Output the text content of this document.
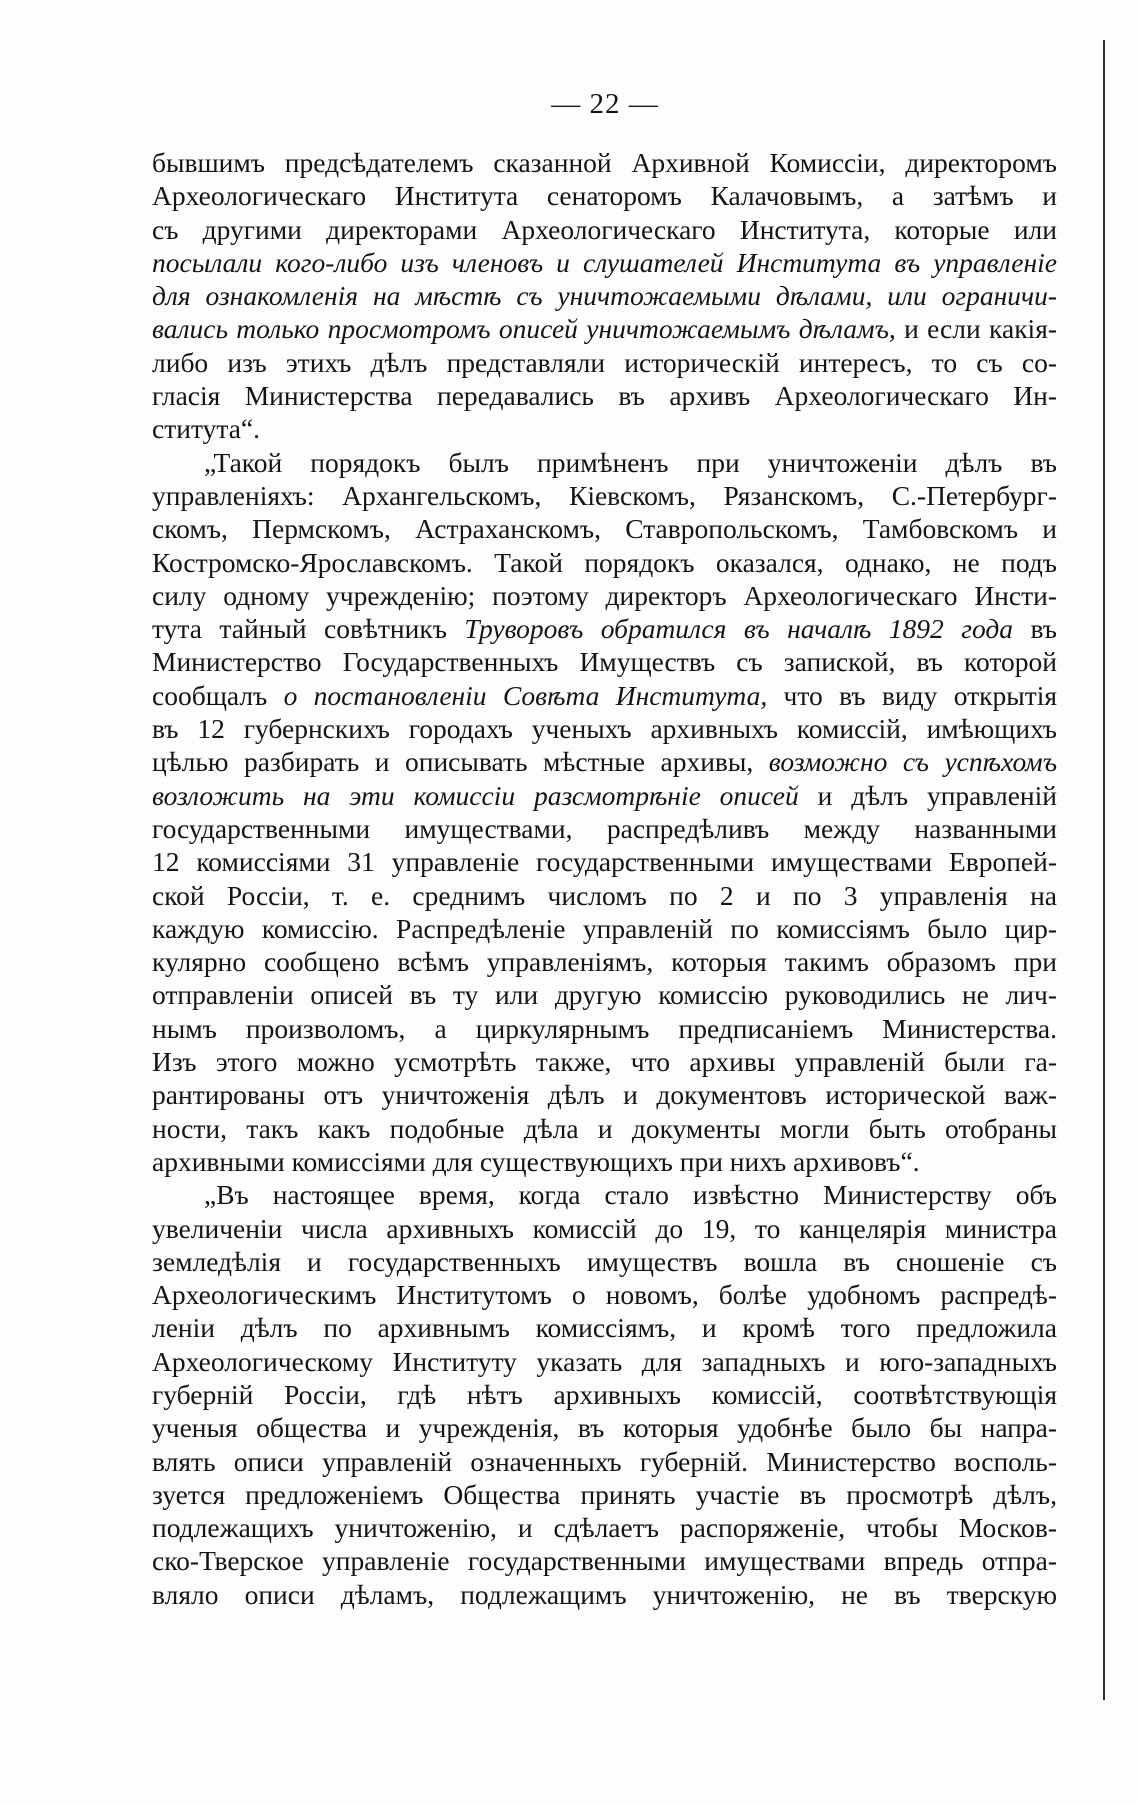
— 22 —
бывшимъ предсѣдателемъ сказанной Архивной Комиссіи, директоромъ
Археологическаго Института сенаторомъ Калачовымъ, а затѣмъ и
съ другими директорами Археологическаго Института, которые или
посылали кого-либо изъ членовъ и слушателей Института въ управленіе
для ознакомленія на мѣстѣ съ уничтожаемыми дѣлами, или ограничи-
вались только просмотромъ описей уничтожаемымъ дѣламъ, и если какія-
либо изъ этихъ дѣлъ представляли историческій интересъ, то съ со-
гласія Министерства передавались въ архивъ Археологическаго Ин-
ститута“.
„Такой порядокъ былъ примѣненъ при уничтоженіи дѣлъ въ
управленіяхъ: Архангельскомъ, Кіевскомъ, Рязанскомъ, С.-Петербург-
скомъ, Пермскомъ, Астраханскомъ, Ставропольскомъ, Тамбовскомъ и
Костромско-Ярославскомъ. Такой порядокъ оказался, однако, не подъ
силу одному учрежденію; поэтому директоръ Археологическаго Инсти-
тута тайный совѣтникъ Труворовъ обратился въ началѣ 1892 года въ
Министерство Государственныхъ Имуществъ съ запиской, въ которой
сообщалъ о постановленіи Совѣта Института, что въ виду открытія
въ 12 губернскихъ городахъ ученыхъ архивныхъ комиссій, имѣющихъ
цѣлью разбирать и описывать мѣстные архивы, возможно съ успѣхомъ
возложить на эти комиссіи разсмотрѣніе описей и дѣлъ управленій
государственными имуществами, распредѣливъ между названными
12 комиссіями 31 управленіе государственными имуществами Европей-
ской Россіи, т. е. среднимъ числомъ по 2 и по 3 управленія на
каждую комиссію. Распредѣленіе управленій по комиссіямъ было цир-
кулярно сообщено всѣмъ управленіямъ, которыя такимъ образомъ при
отправленіи описей въ ту или другую комиссію руководились не лич-
нымъ произволомъ, а циркулярнымъ предписаніемъ Министерства.
Изъ этого можно усмотрѣть также, что архивы управленій были га-
рантированы отъ уничтоженія дѣлъ и документовъ исторической важ-
ности, такъ какъ подобные дѣла и документы могли быть отобраны
архивными комиссіями для существующихъ при нихъ архивовъ“.
„Въ настоящее время, когда стало извѣстно Министерству объ
увеличеніи числа архивныхъ комиссій до 19, то канцелярія министра
земледѣлія и государственныхъ имуществъ вошла въ сношеніе съ
Археологическимъ Институтомъ о новомъ, болѣе удобномъ распредѣ-
леніи дѣлъ по архивнымъ комиссіямъ, и кромѣ того предложила
Археологическому Институту указать для западныхъ и юго-западныхъ
губерній Россіи, гдѣ нѣтъ архивныхъ комиссій, соотвѣтствующія
ученыя общества и учрежденія, въ которыя удобнѣе было бы напра-
влять описи управленій означенныхъ губерній. Министерство восполь-
зуется предложеніемъ Общества принять участіе въ просмотрѣ дѣлъ,
подлежащихъ уничтоженію, и сдѣлаетъ распоряженіе, чтобы Москов-
ско-Тверское управленіе государственными имуществами впредь отпра-
вляло описи дѣламъ, подлежащимъ уничтоженію, не въ тверскую
